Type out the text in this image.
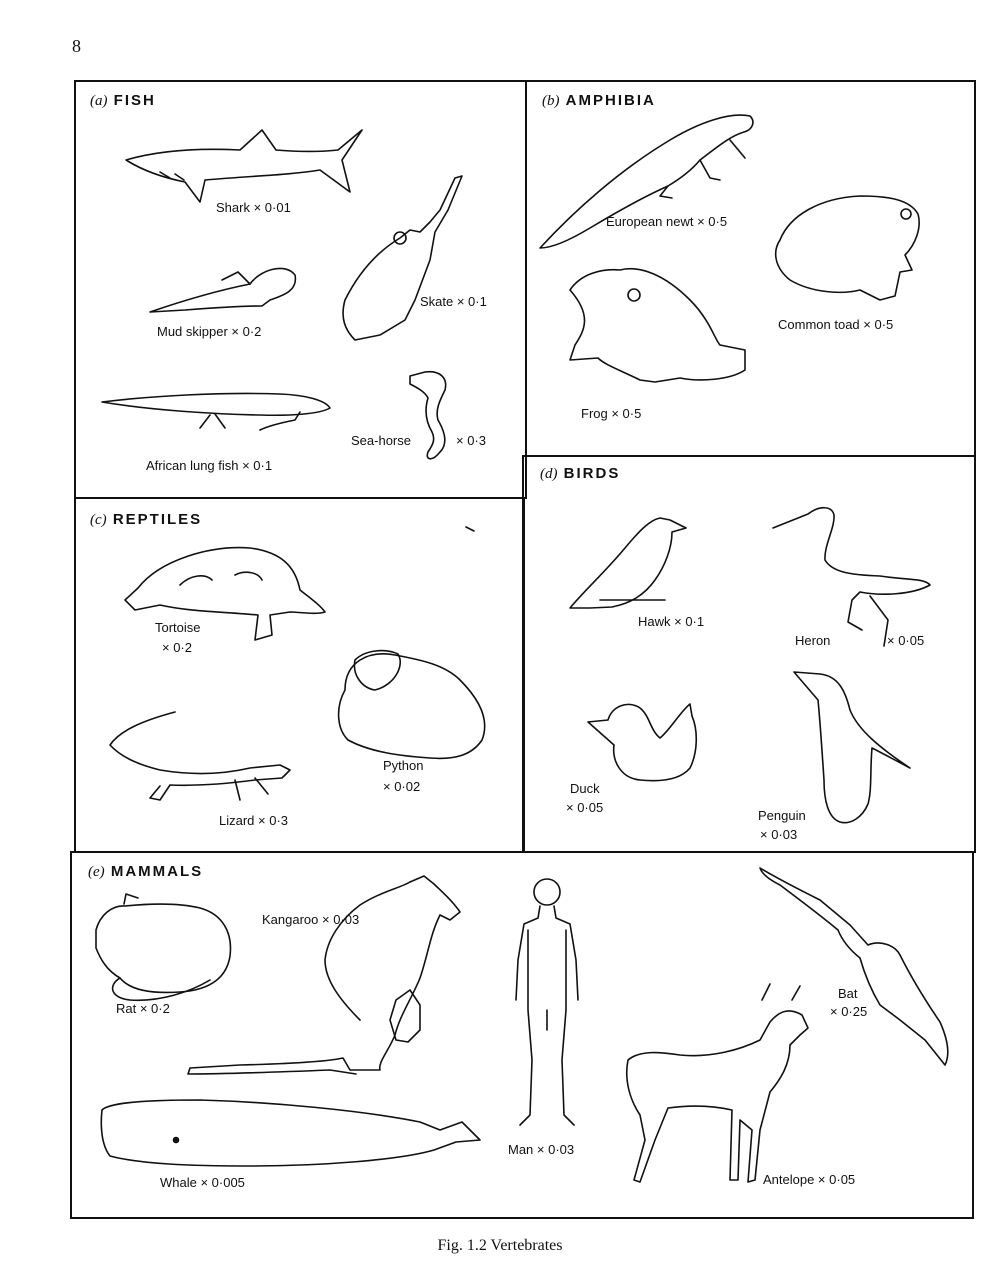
8
(a) FISH	(b) AMPHIBIA
(c) REPTILES
(d) BIRDS
(e) MAMMALS
Shark × 0·01
Mud skipper × 0·2
Skate × 0·1
African lung fish × 0·1
Sea-horse	× 0·3
European newt × 0·5
Common toad × 0·5
Frog × 0·5
Tortoise
× 0·2
Python
× 0·02
Lizard × 0·3
Hawk × 0·1
Heron	× 0·05
Duck
× 0·05
Penguin
× 0·03
Rat × 0·2
Kangaroo × 0·03
Man × 0·03
Bat
× 0·25
Whale × 0·005	Antelope × 0·05
Fig. 1.2 Vertebrates
